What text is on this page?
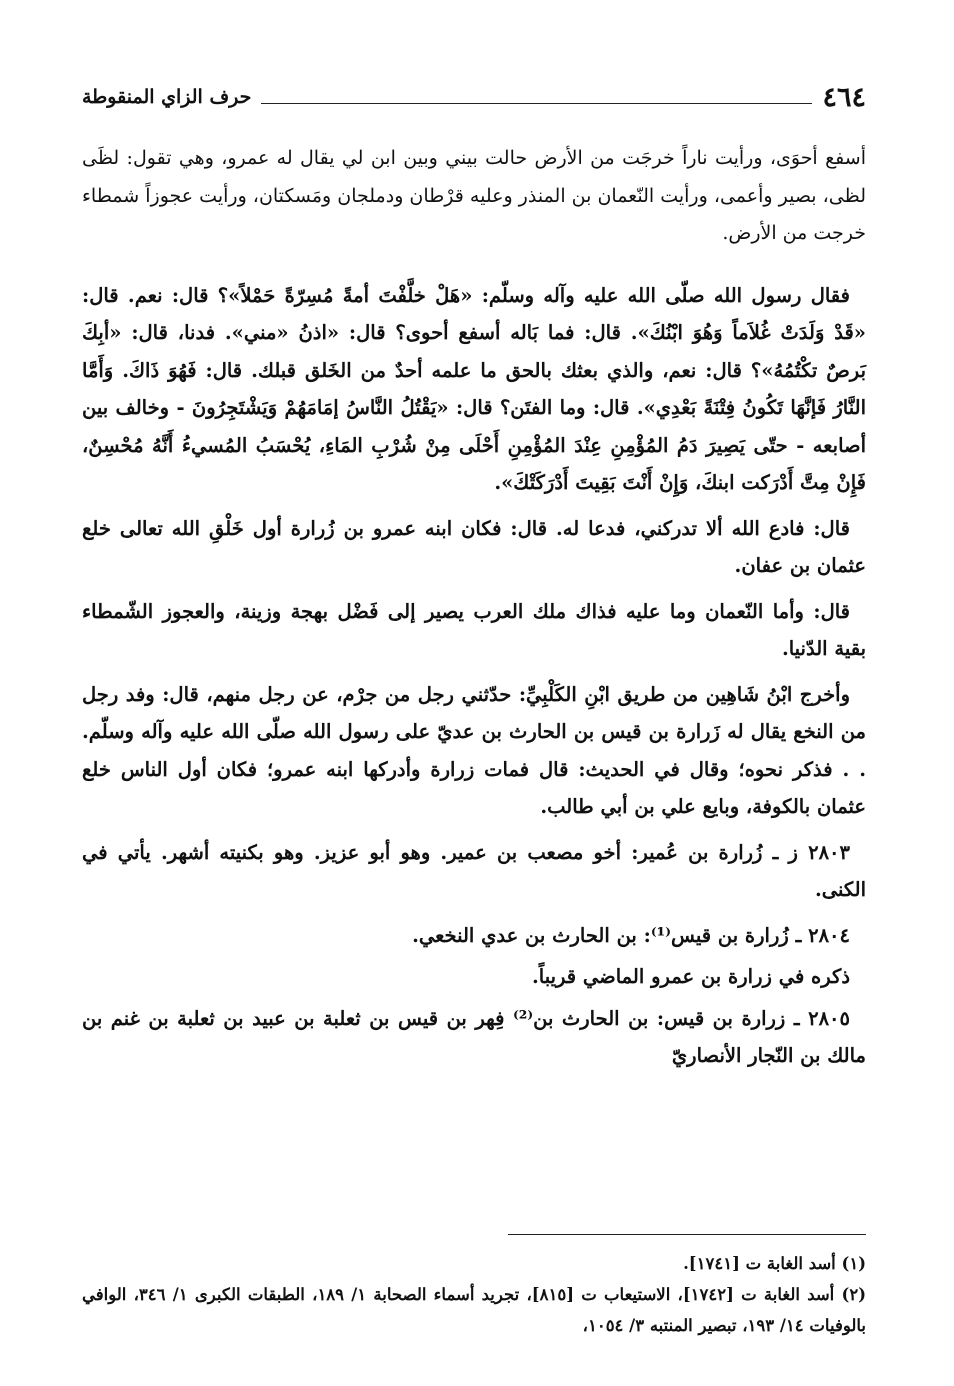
٤٦٤
حرف الزاي المنقوطة

أسفع أحوَى، ورأيت ناراً خرجَت من الأرض حالت بيني وبين ابن لي يقال له عمرو، وهي تقول: لظَى لظى، بصير وأعمى، ورأيت النّعمان بن المنذر وعليه قرْطان ودملجان ومَسكتان، ورأيت عجوزاً شمطاء خرجت من الأرض.

فقال رسول الله صلّى الله عليه وآله وسلّم: «هَلْ خلَّفْتَ أمةً مُسِرّةً حَمْلاً»؟ قال: نعم. قال: «قَدْ وَلَدَتْ غُلاَماً وَهُوَ ابْنُكَ». قال: فما بَاله أسفع أحوى؟ قال: «اذنُ «مني». فدنا، قال: «أبِكَ بَرصٌ تكْتُمُهُ»؟ قال: نعم، والذي بعثك بالحق ما علمه أحدٌ من الخَلق قبلك. قال: فَهُوَ ذَاكَ. وَأَمَّا النَّارُ فَإنَّهَا تَكُونُ فِتْنَةً بَعْدِي». قال: وما الفتَن؟ قال: «يَقْتُلُ النَّاسُ إمَامَهُمْ وَيَشْتَجِرُونَ - وخالف بين أصابعه - حتّى يَصِيرَ دَمُ المُؤْمِنِ عِنْدَ المُؤْمِنِ أَحْلَى مِنْ شُرْبِ المَاءِ، يُحْسَبُ المُسيءُ أَنَّهُ مُحْسِنٌ، فَإِنْ مِتَّ أَدْرَكت ابنكَ، وَإِنْ أَنْتَ بَقِيتَ أَدْرَكَتْكَ».

قال: فادع الله ألا تدركني، فدعا له. قال: فكان ابنه عمرو بن زُرارة أول خَلْقِ الله تعالى خلع عثمان بن عفان.

قال: وأما النّعمان وما عليه فذاك ملك العرب يصير إلى فَضْل بهجة وزينة، والعجوز الشّمطاء بقية الدّنيا.

وأخرج ابْنُ شَاهِين من طريق ابْنِ الكَلْبِيِّ: حدّثني رجل من جرْم، عن رجل منهم، قال: وفد رجل من النخع يقال له زَرارة بن قيس بن الحارث بن عديّ على رسول الله صلّى الله عليه وآله وسلّم. . . فذكر نحوه؛ وقال في الحديث: قال فمات زرارة وأدركها ابنه عمرو؛ فكان أول الناس خلع عثمان بالكوفة، وبايع علي بن أبي طالب.

٢٨٠٣ ز ـ زُرارة بن عُمير: أخو مصعب بن عمير. وهو أبو عزيز. وهو بكنيته أشهر. يأتي في الكنى.

٢٨٠٤ ـ زُرارة بن قيس⁽¹⁾: بن الحارث بن عدي النخعي.

ذكره في زرارة بن عمرو الماضي قريباً.

٢٨٠٥ ـ زرارة بن قيس: بن الحارث بن⁽²⁾ فِهر بن قيس بن ثعلبة بن عبيد بن ثعلبة بن غنم بن مالك بن النّجار الأنصاريّ

(١) أسد الغابة ت [١٧٤١].

(٢) أسد الغابة ت [١٧٤٢]، الاستيعاب ت [٨١٥]، تجريد أسماء الصحابة ١/ ١٨٩، الطبقات الكبرى ١/ ٣٤٦، الوافي بالوفيات ١٤/ ١٩٣، تبصير المنتبه ٣/ ١٠٥٤،
